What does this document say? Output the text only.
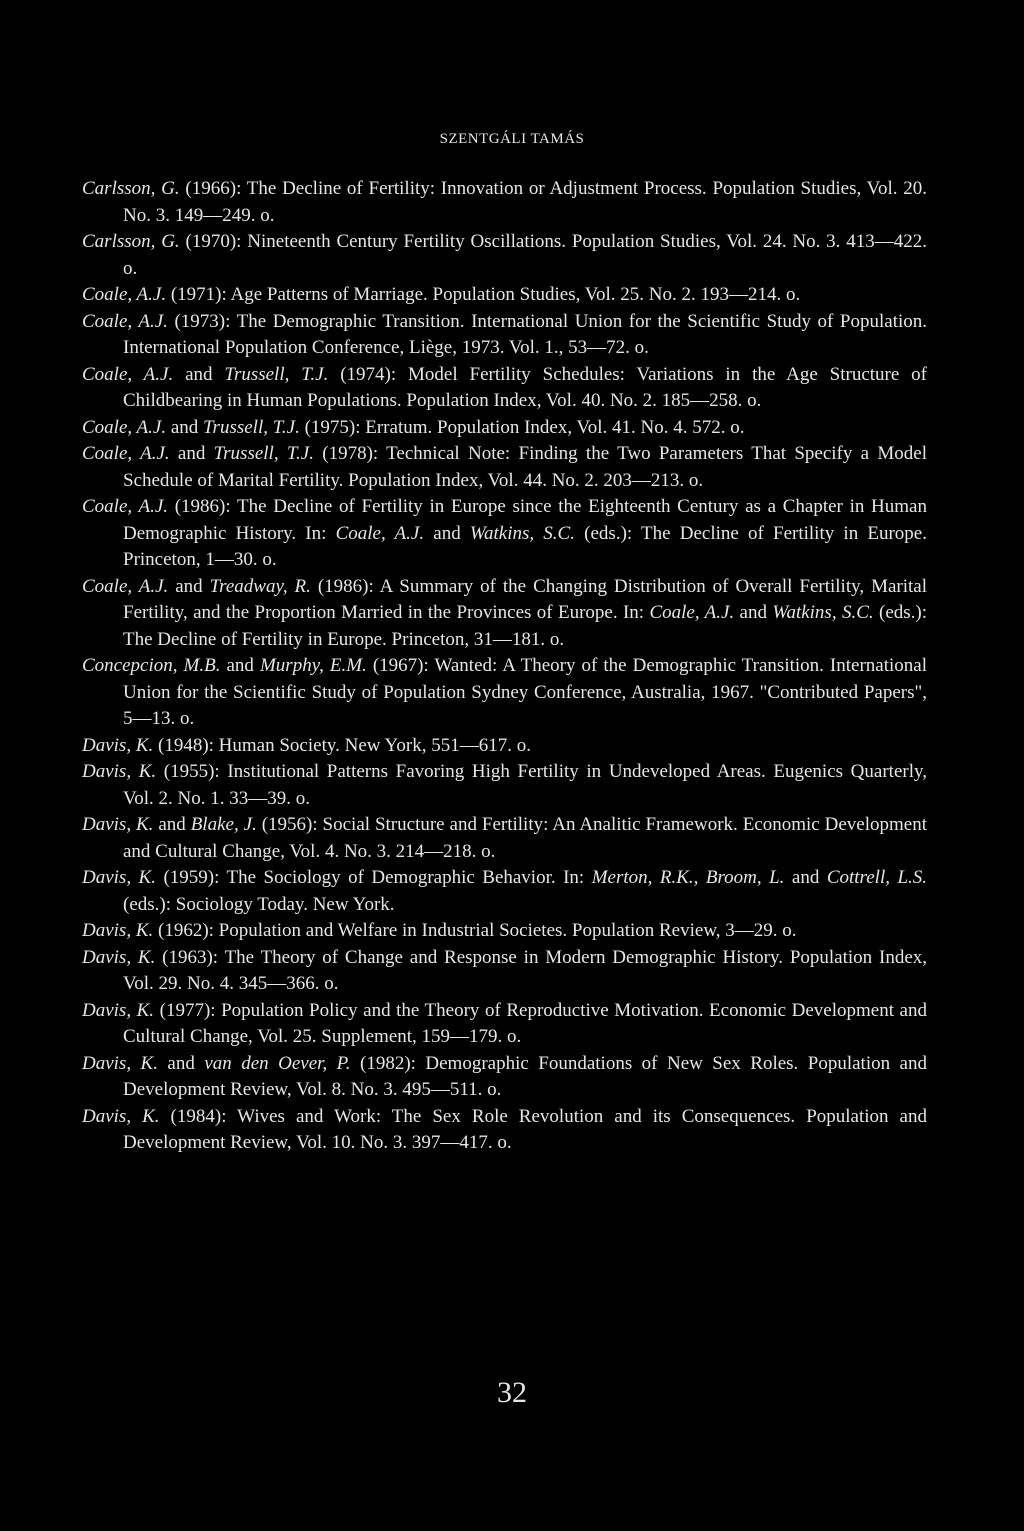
SZENTGÁLI TAMÁS
Carlsson, G. (1966): The Decline of Fertility: Innovation or Adjustment Process. Population Studies, Vol. 20. No. 3. 149—249. o.
Carlsson, G. (1970): Nineteenth Century Fertility Oscillations. Population Studies, Vol. 24. No. 3. 413—422. o.
Coale, A.J. (1971): Age Patterns of Marriage. Population Studies, Vol. 25. No. 2. 193—214. o.
Coale, A.J. (1973): The Demographic Transition. International Union for the Scientific Study of Population. International Population Conference, Liège, 1973. Vol. 1., 53—72. o.
Coale, A.J. and Trussell, T.J. (1974): Model Fertility Schedules: Variations in the Age Structure of Childbearing in Human Populations. Population Index, Vol. 40. No. 2. 185—258. o.
Coale, A.J. and Trussell, T.J. (1975): Erratum. Population Index, Vol. 41. No. 4. 572. o.
Coale, A.J. and Trussell, T.J. (1978): Technical Note: Finding the Two Parameters That Specify a Model Schedule of Marital Fertility. Population Index, Vol. 44. No. 2. 203—213. o.
Coale, A.J. (1986): The Decline of Fertility in Europe since the Eighteenth Century as a Chapter in Human Demographic History. In: Coale, A.J. and Watkins, S.C. (eds.): The Decline of Fertility in Europe. Princeton, 1—30. o.
Coale, A.J. and Treadway, R. (1986): A Summary of the Changing Distribution of Overall Fertility, Marital Fertility, and the Proportion Married in the Provinces of Europe. In: Coale, A.J. and Watkins, S.C. (eds.): The Decline of Fertility in Europe. Princeton, 31—181. o.
Concepcion, M.B. and Murphy, E.M. (1967): Wanted: A Theory of the Demographic Transition. International Union for the Scientific Study of Population Sydney Conference, Australia, 1967. "Contributed Papers", 5—13. o.
Davis, K. (1948): Human Society. New York, 551—617. o.
Davis, K. (1955): Institutional Patterns Favoring High Fertility in Undeveloped Areas. Eugenics Quarterly, Vol. 2. No. 1. 33—39. o.
Davis, K. and Blake, J. (1956): Social Structure and Fertility: An Analitic Framework. Economic Development and Cultural Change, Vol. 4. No. 3. 214—218. o.
Davis, K. (1959): The Sociology of Demographic Behavior. In: Merton, R.K., Broom, L. and Cottrell, L.S. (eds.): Sociology Today. New York.
Davis, K. (1962): Population and Welfare in Industrial Societes. Population Review, 3—29. o.
Davis, K. (1963): The Theory of Change and Response in Modern Demographic History. Population Index, Vol. 29. No. 4. 345—366. o.
Davis, K. (1977): Population Policy and the Theory of Reproductive Motivation. Economic Development and Cultural Change, Vol. 25. Supplement, 159—179. o.
Davis, K. and van den Oever, P. (1982): Demographic Foundations of New Sex Roles. Population and Development Review, Vol. 8. No. 3. 495—511. o.
Davis, K. (1984): Wives and Work: The Sex Role Revolution and its Consequences. Population and Development Review, Vol. 10. No. 3. 397—417. o.
32
